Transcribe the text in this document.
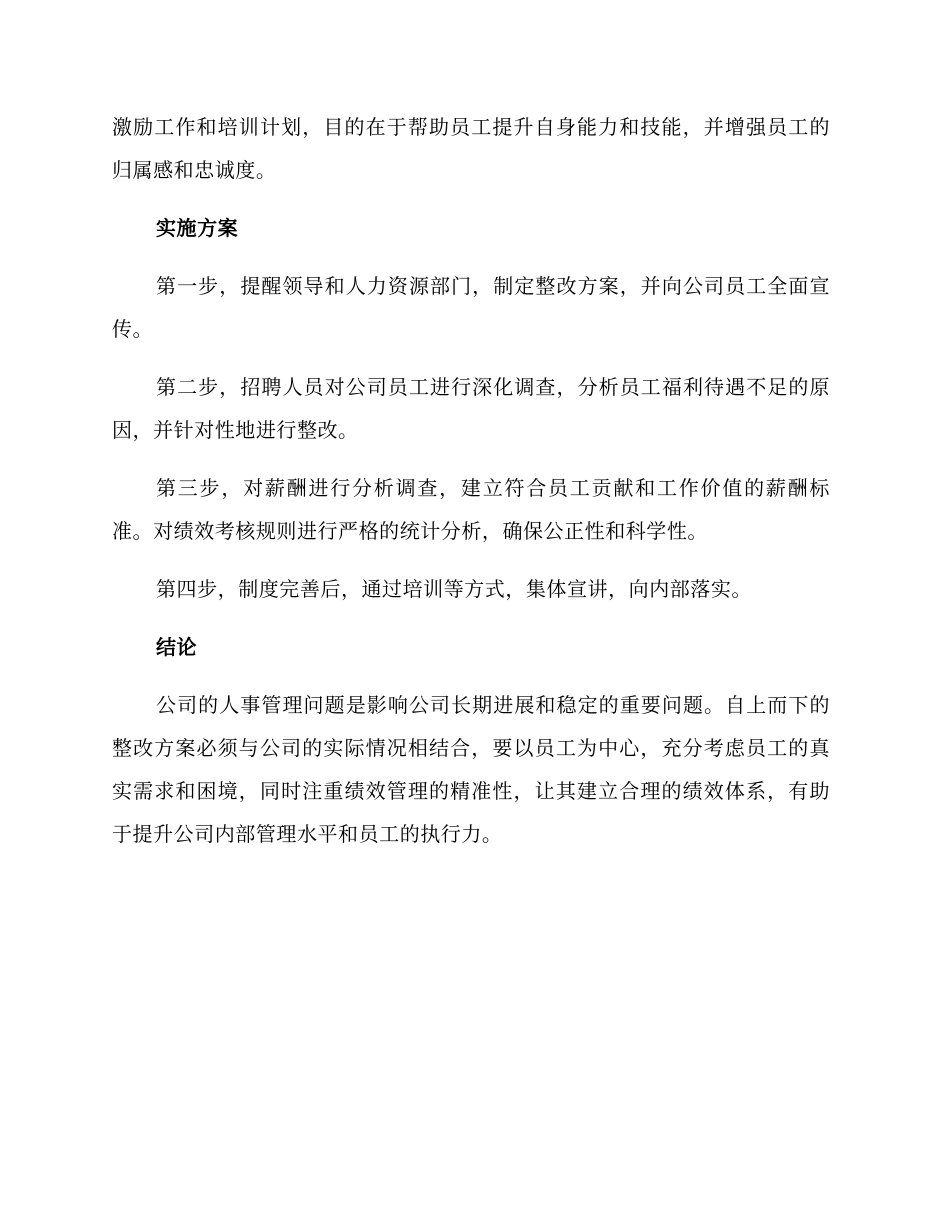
激励工作和培训计划，目的在于帮助员工提升自身能力和技能，并增强员工的归属感和忠诚度。

实施方案

第一步，提醒领导和人力资源部门，制定整改方案，并向公司员工全面宣传。

第二步，招聘人员对公司员工进行深化调查，分析员工福利待遇不足的原因，并针对性地进行整改。

第三步，对薪酬进行分析调查，建立符合员工贡献和工作价值的薪酬标准。对绩效考核规则进行严格的统计分析，确保公正性和科学性。

第四步，制度完善后，通过培训等方式，集体宣讲，向内部落实。

结论

公司的人事管理问题是影响公司长期进展和稳定的重要问题。自上而下的整改方案必须与公司的实际情况相结合，要以员工为中心，充分考虑员工的真实需求和困境，同时注重绩效管理的精准性，让其建立合理的绩效体系，有助于提升公司内部管理水平和员工的执行力。
